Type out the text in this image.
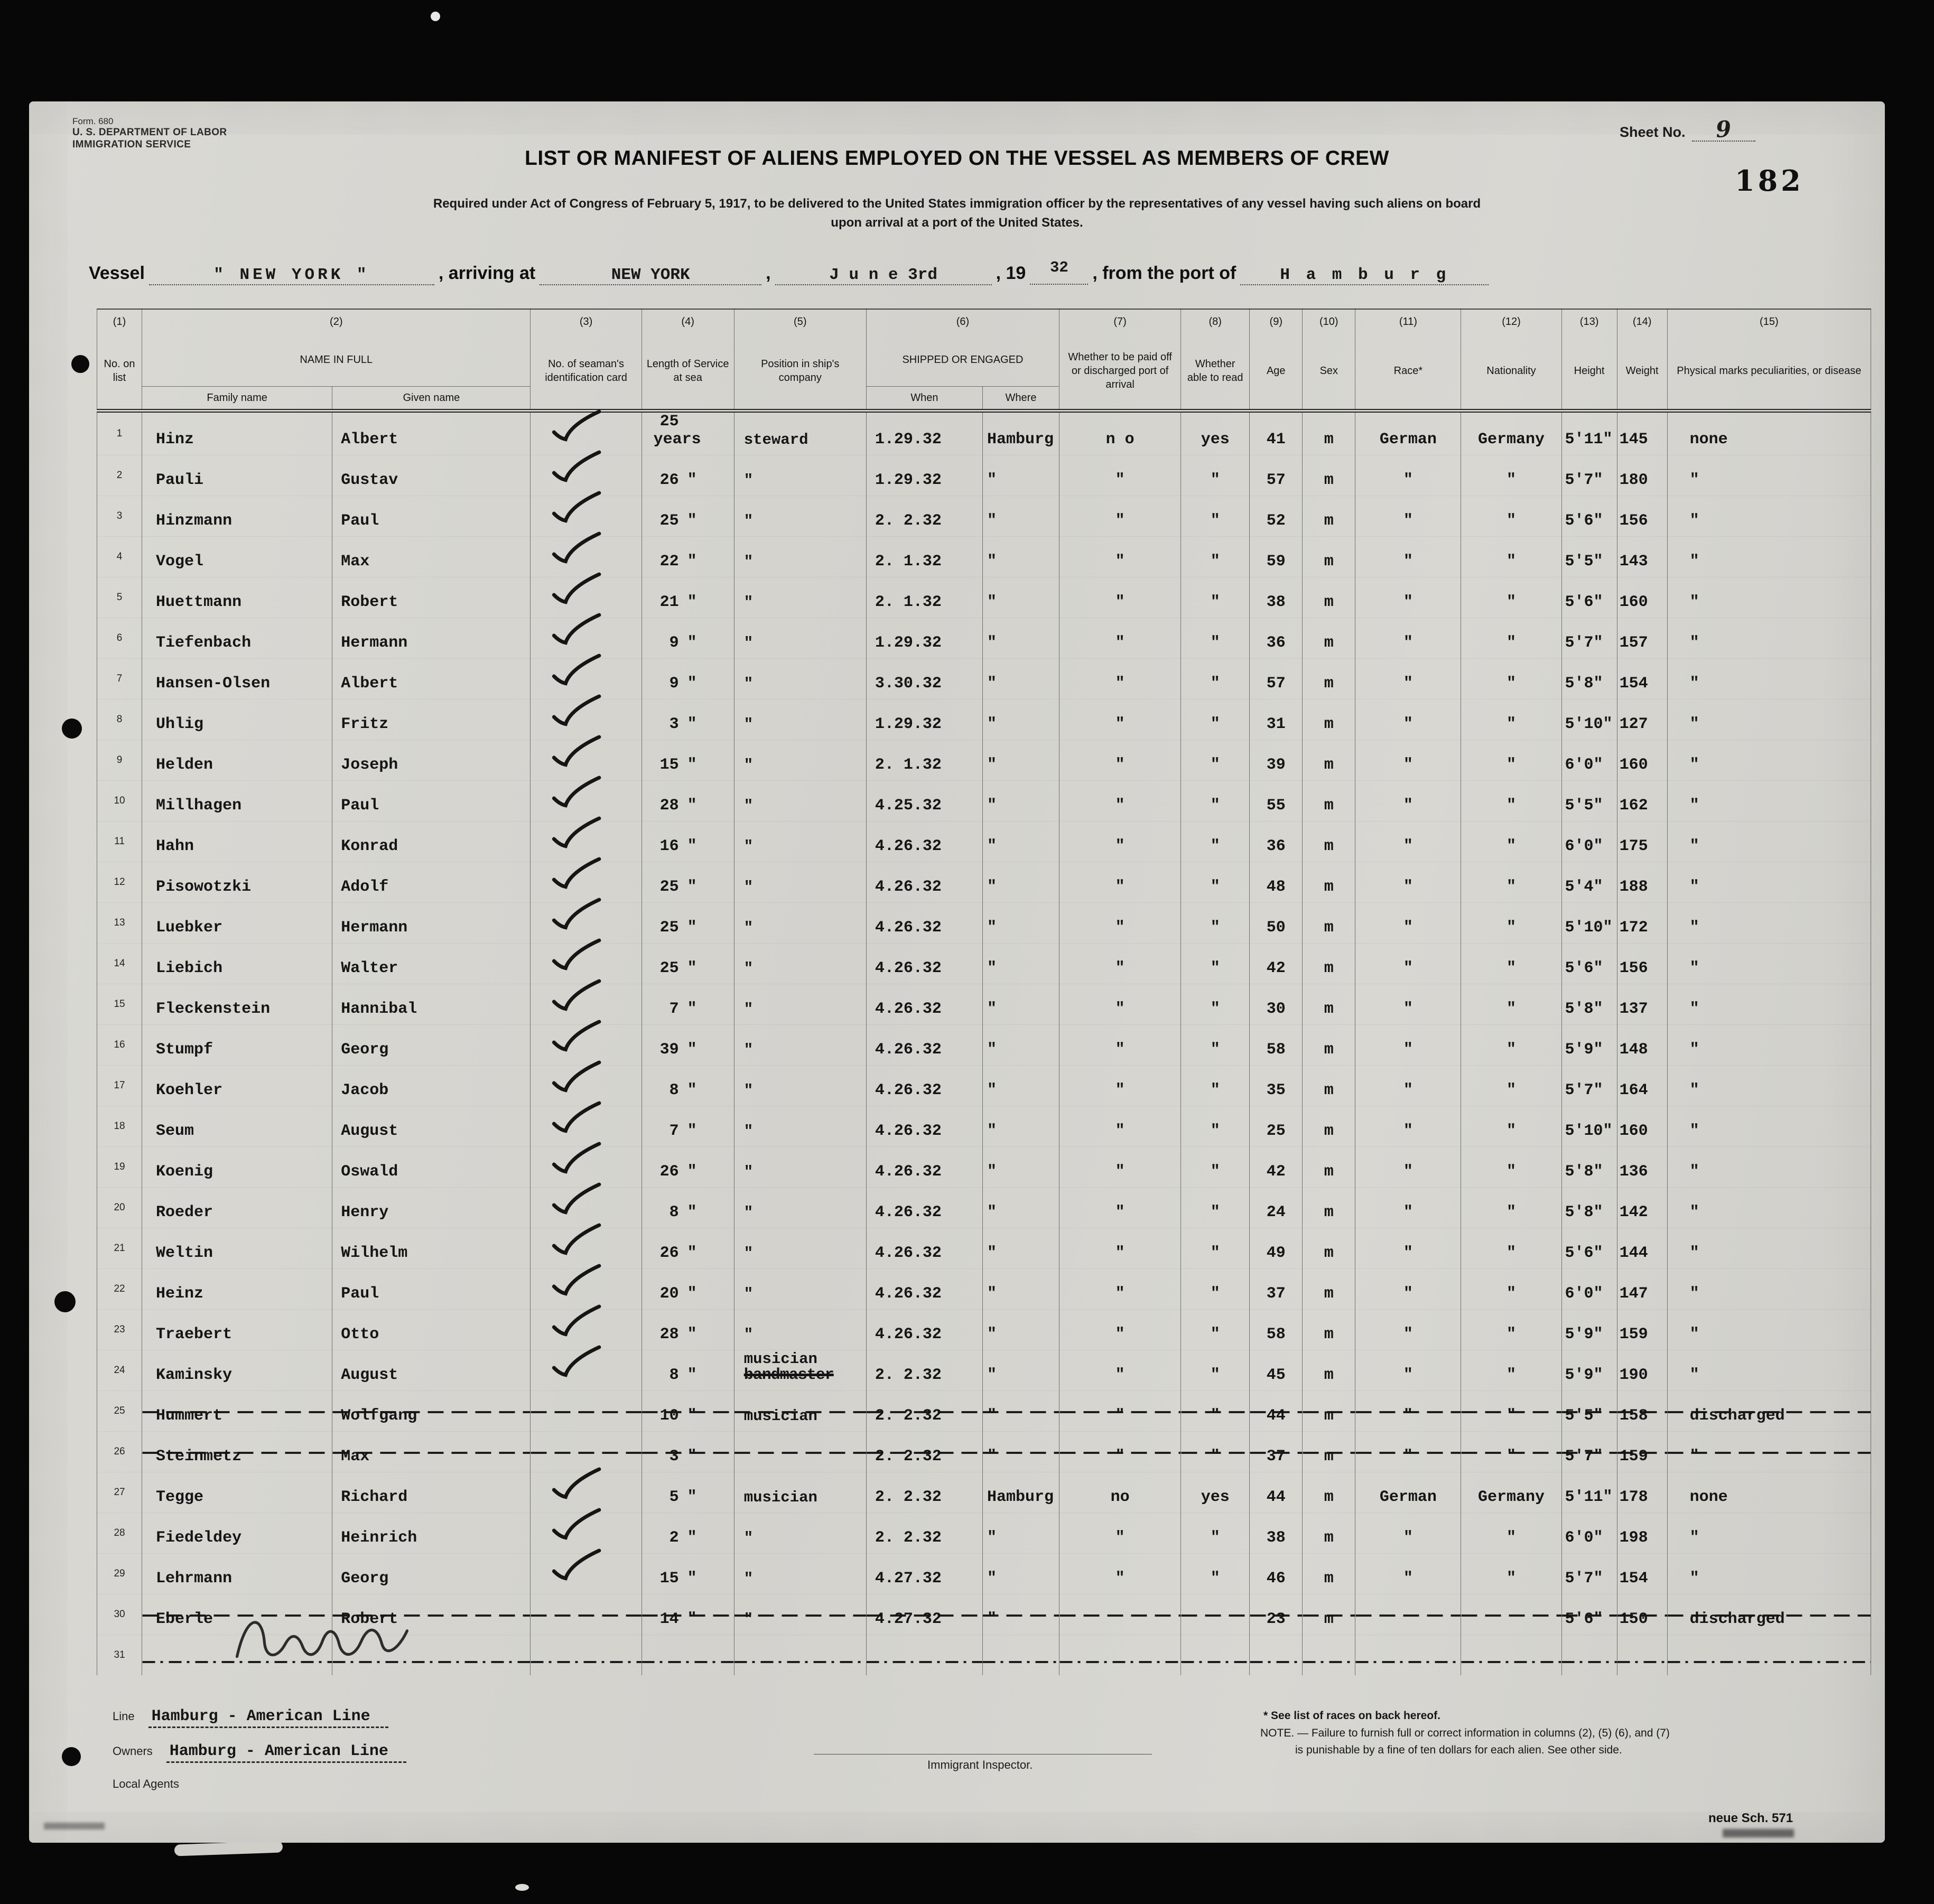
Form. 680
U. S. DEPARTMENT OF LABOR
IMMIGRATION SERVICE
Sheet No. 9
182
LIST OR MANIFEST OF ALIENS EMPLOYED ON THE VESSEL AS MEMBERS OF CREW
Required under Act of Congress of February 5, 1917, to be delivered to the United States immigration officer by the representatives of any vessel having such aliens on board
upon arrival at a port of the United States.
Vessel	" NEW YORK "	, arriving at	NEW YORK	,	J u n e 3rd	, 19	32	, from the port of	H a m b u r g
(1)	(2)		(3)	(4)	(5)	(6)		(7)	(8)	(9)	(10)	(11)	(12)	(13)	(14)	(15)
No. on list	NAME IN FULL		No. of seaman's identification card	Length of Service at sea	Position in ship's company	SHIPPED OR ENGAGED		Whether to be paid off or discharged port of arrival	Whether able to read	Age	Sex	Race*	Nationality	Height	Weight	Physical marks peculiarities, or disease
	Family name	Given name				When	Where									
1	Hinz	Albert		25years	steward	1.29.32	Hamburg	n o	yes	41	m	German	Germany	5'11"	145	none
2	Pauli	Gustav		26 "	"	1.29.32	"	"	"	57	m	"	"	5'7"	180	"
3	Hinzmann	Paul		25 "	"	2. 2.32	"	"	"	52	m	"	"	5'6"	156	"
4	Vogel	Max		22 "	"	2. 1.32	"	"	"	59	m	"	"	5'5"	143	"
5	Huettmann	Robert		21 "	"	2. 1.32	"	"	"	38	m	"	"	5'6"	160	"
6	Tiefenbach	Hermann		9 "	"	1.29.32	"	"	"	36	m	"	"	5'7"	157	"
7	Hansen-Olsen	Albert		9 "	"	3.30.32	"	"	"	57	m	"	"	5'8"	154	"
8	Uhlig	Fritz		3 "	"	1.29.32	"	"	"	31	m	"	"	5'10"	127	"
9	Helden	Joseph		15 "	"	2. 1.32	"	"	"	39	m	"	"	6'0"	160	"
10	Millhagen	Paul		28 "	"	4.25.32	"	"	"	55	m	"	"	5'5"	162	"
11	Hahn	Konrad		16 "	"	4.26.32	"	"	"	36	m	"	"	6'0"	175	"
12	Pisowotzki	Adolf		25 "	"	4.26.32	"	"	"	48	m	"	"	5'4"	188	"
13	Luebker	Hermann		25 "	"	4.26.32	"	"	"	50	m	"	"	5'10"	172	"
14	Liebich	Walter		25 "	"	4.26.32	"	"	"	42	m	"	"	5'6"	156	"
15	Fleckenstein	Hannibal		7 "	"	4.26.32	"	"	"	30	m	"	"	5'8"	137	"
16	Stumpf	Georg		39 "	"	4.26.32	"	"	"	58	m	"	"	5'9"	148	"
17	Koehler	Jacob		8 "	"	4.26.32	"	"	"	35	m	"	"	5'7"	164	"
18	Seum	August		7 "	"	4.26.32	"	"	"	25	m	"	"	5'10"	160	"
19	Koenig	Oswald		26 "	"	4.26.32	"	"	"	42	m	"	"	5'8"	136	"
20	Roeder	Henry		8 "	"	4.26.32	"	"	"	24	m	"	"	5'8"	142	"
21	Weltin	Wilhelm		26 "	"	4.26.32	"	"	"	49	m	"	"	5'6"	144	"
22	Heinz	Paul		20 "	"	4.26.32	"	"	"	37	m	"	"	6'0"	147	"
23	Traebert	Otto		28 "	"	4.26.32	"	"	"	58	m	"	"	5'9"	159	"
24	Kaminsky	August		8 "	musician
bandmaster	2. 2.32	"	"	"	45	m	"	"	5'9"	190	"
25	Hummert	Wolfgang		10 "	musician	2. 2.32	"	"	"	44	m	"	"	5'5"	158	discharged
26	Steinmetz	Max		3 "		2. 2.32	"	"	"	37	m	"	"	5'7"	159	"
27	Tegge	Richard		5 "	musician	2. 2.32	Hamburg	no	yes	44	m	German	Germany	5'11"	178	none
28	Fiedeldey	Heinrich		2 "	"	2. 2.32	"	"	"	38	m	"	"	6'0"	198	"
29	Lehrmann	Georg		15 "	"	4.27.32	"	"	"	46	m	"	"	5'7"	154	"
30	Eberle	Robert		14 "	"	4.27.32	"			23	m			5'6"	150	discharged
31					

Line Hamburg - American Line
Owners Hamburg - American Line
Local Agents
Immigrant Inspector.
* See list of races on back hereof.
NOTE. — Failure to furnish full or correct information in columns (2), (5) (6), and (7)
is punishable by a fine of ten dollars for each alien. See other side.
neue Sch. 571
